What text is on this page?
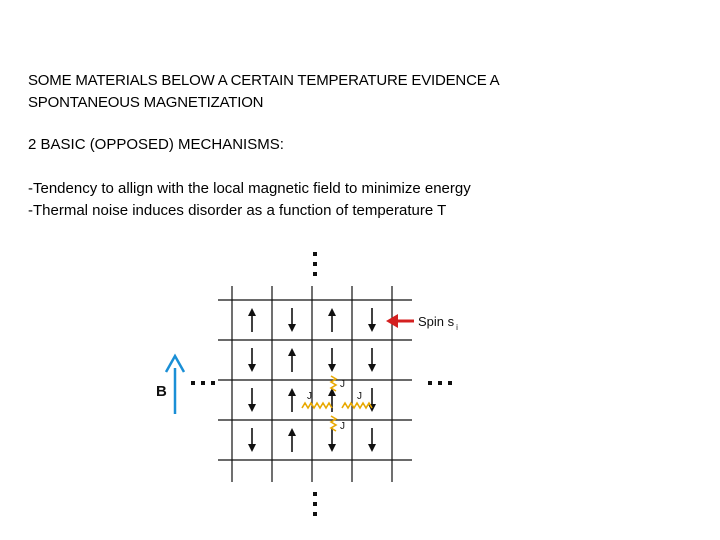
SOME MATERIALS BELOW A CERTAIN TEMPERATURE EVIDENCE A
SPONTANEOUS MAGNETIZATION
2 BASIC (OPPOSED) MECHANISMS:
-Tendency to allign with the local magnetic field to minimize energy
-Thermal noise induces disorder as a function of temperature T
Spin s $_i$
B	J
J	J
J
